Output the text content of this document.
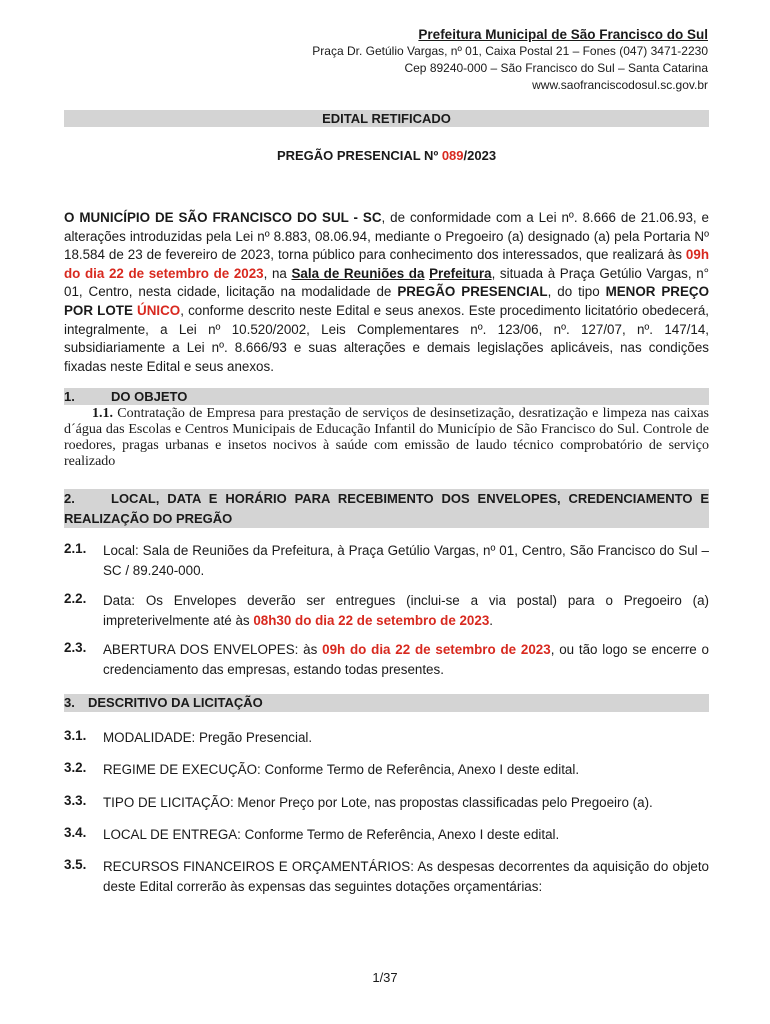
Prefeitura Municipal de São Francisco do Sul
Praça Dr. Getúlio Vargas, nº 01, Caixa Postal 21 – Fones (047) 3471-2230
Cep 89240-000 – São Francisco do Sul – Santa Catarina
www.saofranciscodosul.sc.gov.br
EDITAL RETIFICADO
PREGÃO PRESENCIAL Nº 089/2023
O MUNICÍPIO DE SÃO FRANCISCO DO SUL - SC, de conformidade com a Lei nº. 8.666 de 21.06.93, e alterações introduzidas pela Lei nº 8.883, 08.06.94, mediante o Pregoeiro (a) designado (a) pela Portaria Nº 18.584 de 23 de fevereiro de 2023, torna público para conhecimento dos interessados, que realizará às 09h do dia 22 de setembro de 2023, na Sala de Reuniões da Prefeitura, situada à Praça Getúlio Vargas, n° 01, Centro, nesta cidade, licitação na modalidade de PREGÃO PRESENCIAL, do tipo MENOR PREÇO POR LOTE ÚNICO, conforme descrito neste Edital e seus anexos. Este procedimento licitatório obedecerá, integralmente, a Lei nº 10.520/2002, Leis Complementares nº. 123/06, nº. 127/07, nº. 147/14, subsidiariamente a Lei nº. 8.666/93 e suas alterações e demais legislações aplicáveis, nas condições fixadas neste Edital e seus anexos.
1.	DO OBJETO
1.1. Contratação de Empresa para prestação de serviços de desinsetização, desratização e limpeza nas caixas d´água das Escolas e Centros Municipais de Educação Infantil do Município de São Francisco do Sul. Controle de roedores, pragas urbanas e insetos nocivos à saúde com emissão de laudo técnico comprobatório de serviço realizado
2.	LOCAL, DATA E HORÁRIO PARA RECEBIMENTO DOS ENVELOPES, CREDENCIAMENTO E REALIZAÇÃO DO PREGÃO
2.1. Local: Sala de Reuniões da Prefeitura, à Praça Getúlio Vargas, nº 01, Centro, São Francisco do Sul – SC / 89.240-000.
2.2. Data: Os Envelopes deverão ser entregues (inclui-se a via postal) para o Pregoeiro (a) impreterivelmente até às 08h30 do dia 22 de setembro de 2023.
2.3. ABERTURA DOS ENVELOPES: às 09h do dia 22 de setembro de 2023, ou tão logo se encerre o credenciamento das empresas, estando todas presentes.
3. DESCRITIVO DA LICITAÇÃO
3.1. MODALIDADE: Pregão Presencial.
3.2. REGIME DE EXECUÇÃO: Conforme Termo de Referência, Anexo I deste edital.
3.3. TIPO DE LICITAÇÃO: Menor Preço por Lote, nas propostas classificadas pelo Pregoeiro (a).
3.4. LOCAL DE ENTREGA: Conforme Termo de Referência, Anexo I deste edital.
3.5. RECURSOS FINANCEIROS E ORÇAMENTÁRIOS: As despesas decorrentes da aquisição do objeto deste Edital correrão às expensas das seguintes dotações orçamentárias:
1/37
